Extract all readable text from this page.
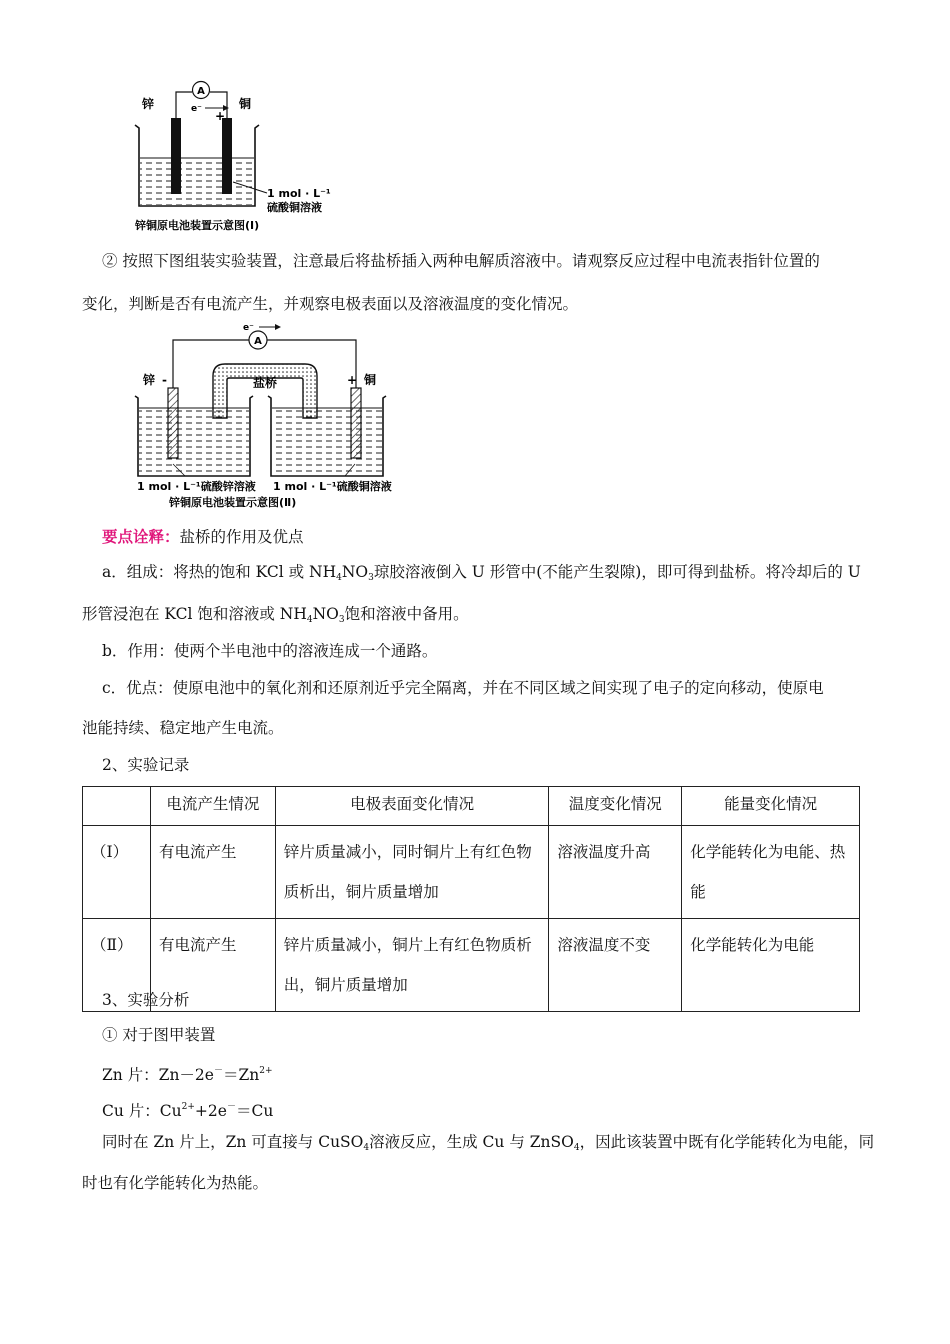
A
e⁻
锌	铜
+
1 mol · L⁻¹
硫酸铜溶液
锌铜原电池装置示意图(Ⅰ)
② 按照下图组装实验装置，注意最后将盐桥插入两种电解质溶液中。请观察反应过程中电流表指针位置的
变化，判断是否有电流产生，并观察电极表面以及溶液温度的变化情况。
A
e⁻
盐桥
锌 -	+ 铜
1 mol · L⁻¹硫酸锌溶液 1 mol · L⁻¹硫酸铜溶液
锌铜原电池装置示意图(Ⅱ)
要点诠释：盐桥的作用及优点
a．组成：将热的饱和 KCl 或 $NH_4NO_3$琼胶溶液倒入 U 形管中(不能产生裂隙)，即可得到盐桥。将冷却后的 U
形管浸泡在 KCl 饱和溶液或 $NH_4NO_3$饱和溶液中备用。
b．作用：使两个半电池中的溶液连成一个通路。
c．优点：使原电池中的氧化剂和还原剂近乎完全隔离，并在不同区域之间实现了电子的定向移动，使原电
池能持续、稳定地产生电流。
2、实验记录
	电流产生情况	电极表面变化情况	温度变化情况	能量变化情况
（Ⅰ）	有电流产生	锌片质量减小，同时铜片上有红色物质析出，铜片质量增加	溶液温度升高	化学能转化为电能、热能
（Ⅱ）	有电流产生	锌片质量减小，铜片上有红色物质析出，铜片质量增加	溶液温度不变	化学能转化为电能
3、实验分析
① 对于图甲装置
Zn 片：$Zn-2e^-=Zn^{2+}$
Cu 片：$Cu^{2+}+2e^-=Cu$
同时在 Zn 片上，Zn 可直接与 CuSO$_4$溶液反应，生成 Cu 与 ZnSO$_4$，因此该装置中既有化学能转化为电能，同
时也有化学能转化为热能。
